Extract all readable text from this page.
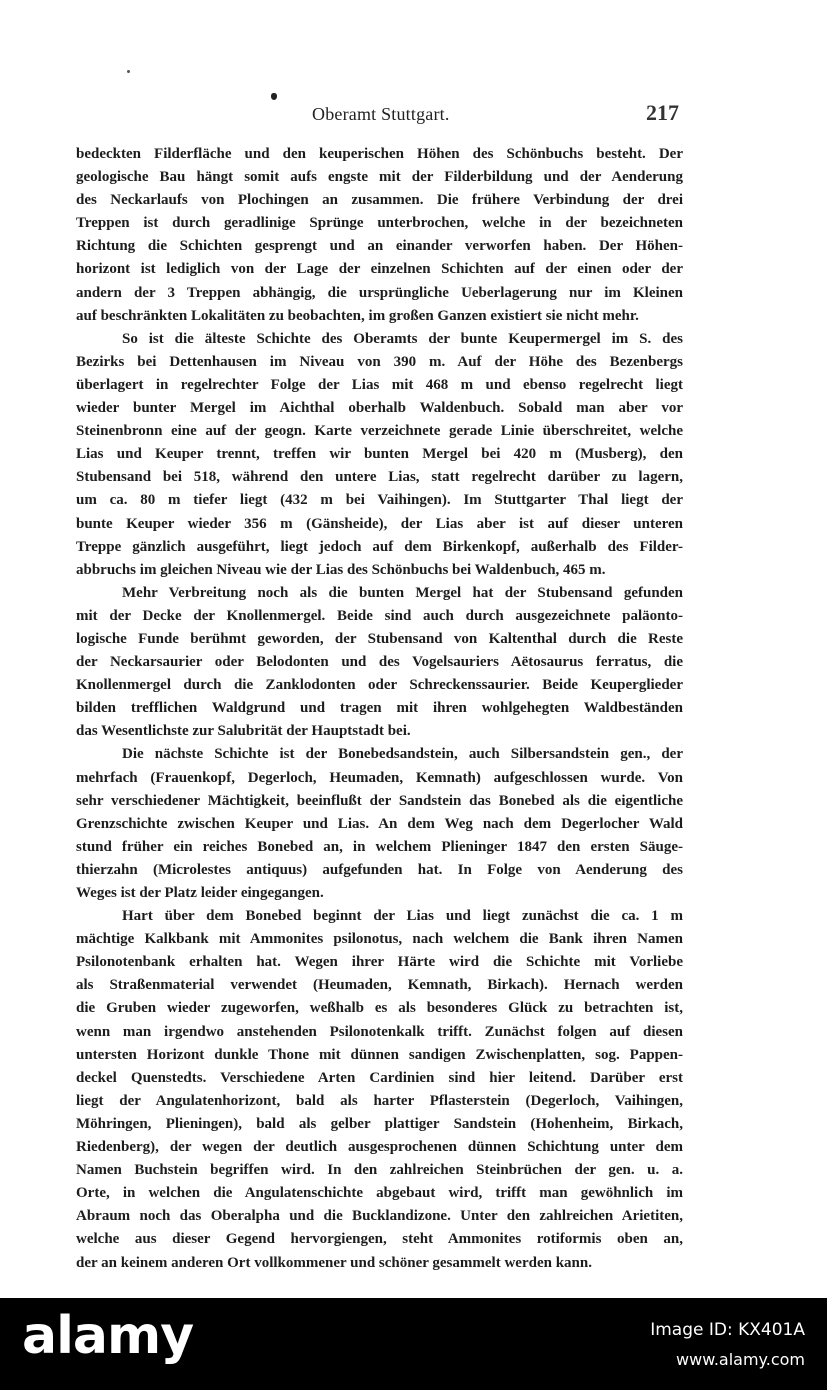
Oberamt Stuttgart.	217
bedeckten Filderfläche und den keuperischen Höhen des Schönbuchs besteht. Der
geologische Bau hängt somit aufs engste mit der Filderbildung und der Aenderung
des Neckarlaufs von Plochingen an zusammen. Die frühere Verbindung der drei
Treppen ist durch geradlinige Sprünge unterbrochen, welche in der bezeichneten
Richtung die Schichten gesprengt und an einander verworfen haben. Der Höhen-
horizont ist lediglich von der Lage der einzelnen Schichten auf der einen oder der
andern der 3 Treppen abhängig, die ursprüngliche Ueberlagerung nur im Kleinen
auf beschränkten Lokalitäten zu beobachten, im großen Ganzen existiert sie nicht mehr.
So ist die älteste Schichte des Oberamts der bunte Keupermergel im S. des
Bezirks bei Dettenhausen im Niveau von 390 m. Auf der Höhe des Bezenbergs
überlagert in regelrechter Folge der Lias mit 468 m und ebenso regelrecht liegt
wieder bunter Mergel im Aichthal oberhalb Waldenbuch. Sobald man aber vor
Steinenbronn eine auf der geogn. Karte verzeichnete gerade Linie überschreitet, welche
Lias und Keuper trennt, treffen wir bunten Mergel bei 420 m (Musberg), den
Stubensand bei 518, während den untere Lias, statt regelrecht darüber zu lagern,
um ca. 80 m tiefer liegt (432 m bei Vaihingen). Im Stuttgarter Thal liegt der
bunte Keuper wieder 356 m (Gänsheide), der Lias aber ist auf dieser unteren
Treppe gänzlich ausgeführt, liegt jedoch auf dem Birkenkopf, außerhalb des Filder-
abbruchs im gleichen Niveau wie der Lias des Schönbuchs bei Waldenbuch, 465 m.
Mehr Verbreitung noch als die bunten Mergel hat der Stubensand gefunden
mit der Decke der Knollenmergel. Beide sind auch durch ausgezeichnete paläonto-
logische Funde berühmt geworden, der Stubensand von Kaltenthal durch die Reste
der Neckarsaurier oder Belodonten und des Vogelsauriers Aëtosaurus ferratus, die
Knollenmergel durch die Zanklodonten oder Schreckenssaurier. Beide Keuperglieder
bilden trefflichen Waldgrund und tragen mit ihren wohlgehegten Waldbeständen
das Wesentlichste zur Salubrität der Hauptstadt bei.
Die nächste Schichte ist der Bonebedsandstein, auch Silbersandstein gen., der
mehrfach (Frauenkopf, Degerloch, Heumaden, Kemnath) aufgeschlossen wurde. Von
sehr verschiedener Mächtigkeit, beeinflußt der Sandstein das Bonebed als die eigentliche
Grenzschichte zwischen Keuper und Lias. An dem Weg nach dem Degerlocher Wald
stund früher ein reiches Bonebed an, in welchem Plieninger 1847 den ersten Säuge-
thierzahn (Microlestes antiquus) aufgefunden hat. In Folge von Aenderung des
Weges ist der Platz leider eingegangen.
Hart über dem Bonebed beginnt der Lias und liegt zunächst die ca. 1 m
mächtige Kalkbank mit Ammonites psilonotus, nach welchem die Bank ihren Namen
Psilonotenbank erhalten hat. Wegen ihrer Härte wird die Schichte mit Vorliebe
als Straßenmaterial verwendet (Heumaden, Kemnath, Birkach). Hernach werden
die Gruben wieder zugeworfen, weßhalb es als besonderes Glück zu betrachten ist,
wenn man irgendwo anstehenden Psilonotenkalk trifft. Zunächst folgen auf diesen
untersten Horizont dunkle Thone mit dünnen sandigen Zwischenplatten, sog. Pappen-
deckel Quenstedts. Verschiedene Arten Cardinien sind hier leitend. Darüber erst
liegt der Angulatenhorizont, bald als harter Pflasterstein (Degerloch, Vaihingen,
Möhringen, Plieningen), bald als gelber plattiger Sandstein (Hohenheim, Birkach,
Riedenberg), der wegen der deutlich ausgesprochenen dünnen Schichtung unter dem
Namen Buchstein begriffen wird. In den zahlreichen Steinbrüchen der gen. u. a.
Orte, in welchen die Angulatenschichte abgebaut wird, trifft man gewöhnlich im
Abraum noch das Oberalpha und die Bucklandizone. Unter den zahlreichen Arietiten,
welche aus dieser Gegend hervorgiengen, steht Ammonites rotiformis oben an,
der an keinem anderen Ort vollkommener und schöner gesammelt werden kann.
alamy	Image ID: KX401A
www.alamy.com
